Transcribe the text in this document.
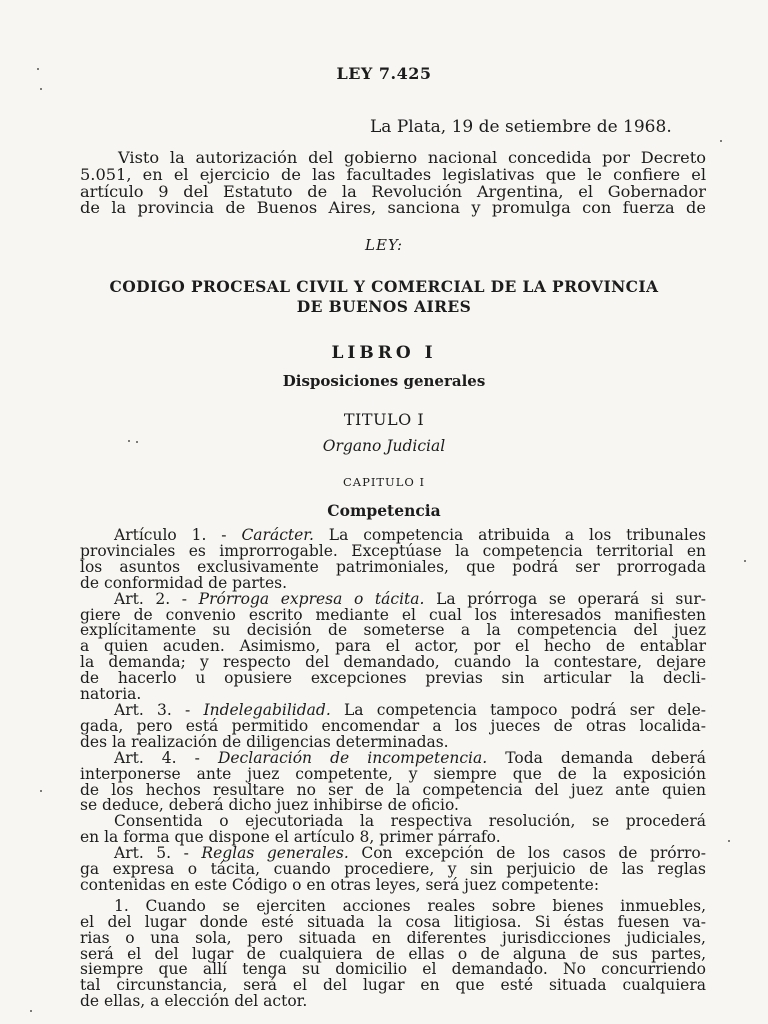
LEY 7.425
La Plata, 19 de setiembre de 1968.
Visto la autorización del gobierno nacional concedida por Decreto
5.051, en el ejercicio de las facultades legislativas que le confiere el
artículo 9 del Estatuto de la Revolución Argentina, el Gobernador
de la provincia de Buenos Aires, sanciona y promulga con fuerza de
LEY:
CODIGO PROCESAL CIVIL Y COMERCIAL DE LA PROVINCIA
DE BUENOS AIRES
LIBRO I
Disposiciones generales
TITULO I
Organo Judicial
CAPITULO I
Competencia
Artículo 1. - Carácter. La competencia atribuida a los tribunales
provinciales es improrrogable. Exceptúase la competencia territorial en
los asuntos exclusivamente patrimoniales, que podrá ser prorrogada
de conformidad de partes.
Art. 2. - Prórroga expresa o tácita. La prórroga se operará si sur-
giere de convenio escrito mediante el cual los interesados manifiesten
explícitamente su decisión de someterse a la competencia del juez
a quien acuden. Asimismo, para el actor, por el hecho de entablar
la demanda; y respecto del demandado, cuando la contestare, dejare
de hacerlo u opusiere excepciones previas sin articular la decli-
natoria.
Art. 3. - Indelegabilidad. La competencia tampoco podrá ser dele-
gada, pero está permitido encomendar a los jueces de otras localida-
des la realización de diligencias determinadas.
Art. 4. - Declaración de incompetencia. Toda demanda deberá
interponerse ante juez competente, y siempre que de la exposición
de los hechos resultare no ser de la competencia del juez ante quien
se deduce, deberá dicho juez inhibirse de oficio.
Consentida o ejecutoriada la respectiva resolución, se procederá
en la forma que dispone el artículo 8, primer párrafo.
Art. 5. - Reglas generales. Con excepción de los casos de prórro-
ga expresa o tácita, cuando procediere, y sin perjuicio de las reglas
contenidas en este Código o en otras leyes, será juez competente:
1. Cuando se ejerciten acciones reales sobre bienes inmuebles,
el del lugar donde esté situada la cosa litigiosa. Si éstas fuesen va-
rias o una sola, pero situada en diferentes jurisdicciones judiciales,
será el del lugar de cualquiera de ellas o de alguna de sus partes,
siempre que allí tenga su domicilio el demandado. No concurriendo
tal circunstancia, será el del lugar en que esté situada cualquiera
de ellas, a elección del actor.
